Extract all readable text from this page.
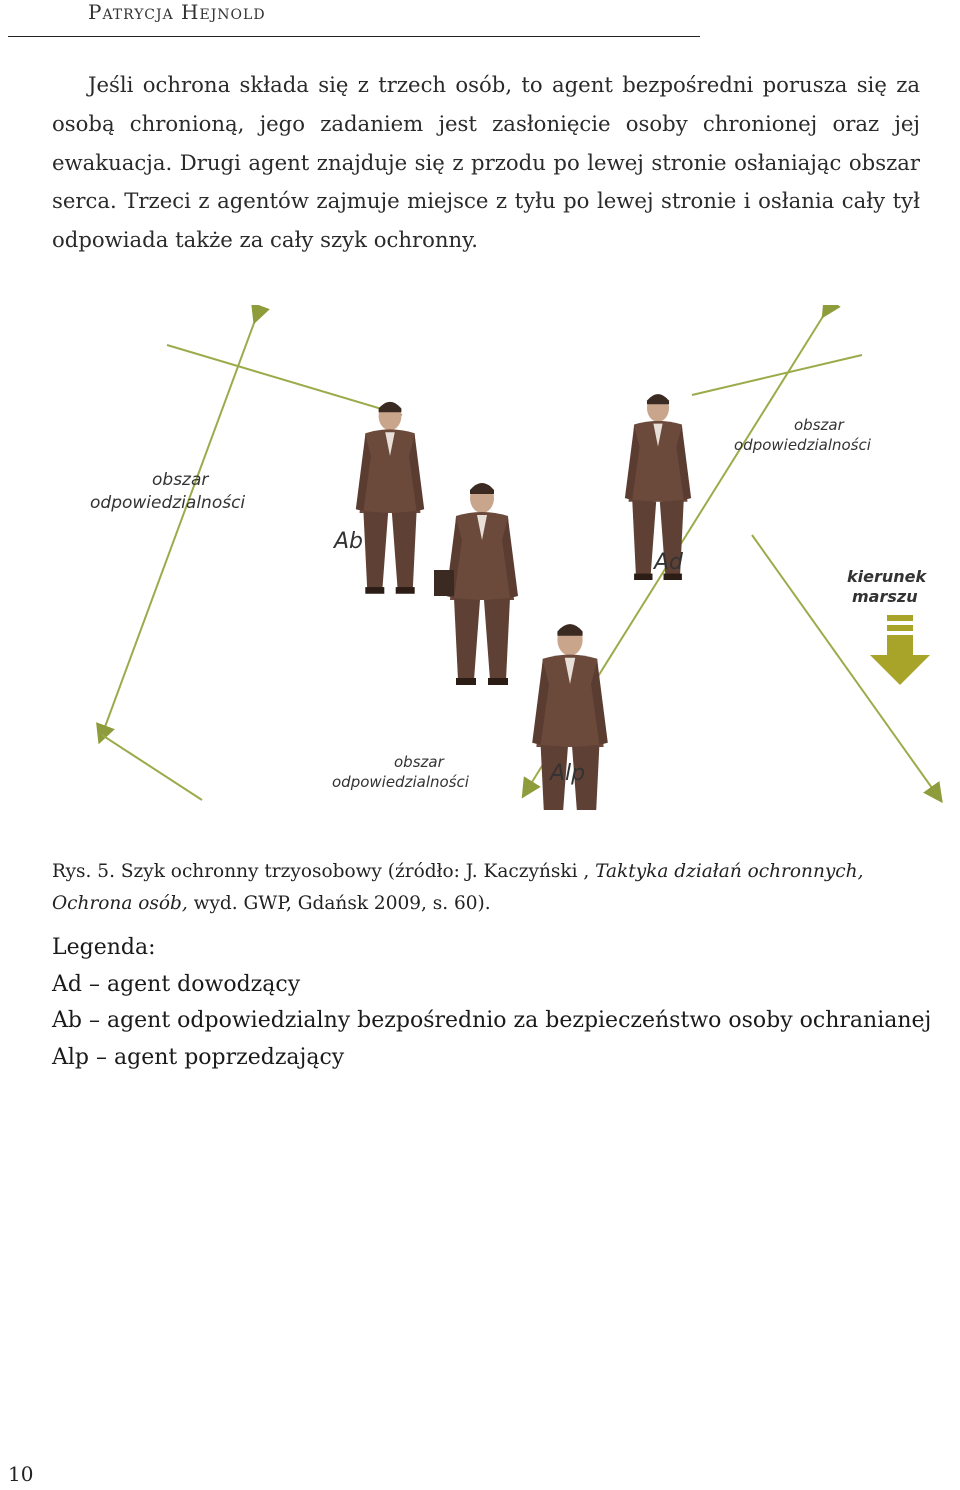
Patrycja Hejnold

Jeśli ochrona składa się z trzech osób, to agent bezpośredni porusza się za osobą chronioną, jego zadaniem jest zasłonięcie osoby chronionej oraz jej ewakuacja. Drugi agent znajduje się z przodu po lewej stronie osłaniając obszar serca. Trzeci z agentów zajmuje miejsce z tyłu po lewej stronie i osłania cały tył odpowiada także za cały szyk ochronny.

obszar
odpowiedzialności
obszar
odpowiedzialności
obszar
odpowiedzialności
Ab
Ad
Alp
kierunek
marszu
Rys. 5. Szyk ochronny trzyosobowy (źródło: J. Kaczyński , Taktyka działań ochronnych, Ochrona osób, wyd. GWP, Gdańsk 2009, s. 60).
Legenda:
Ad – agent dowodzący
Ab – agent odpowiedzialny bezpośrednio za bezpieczeństwo osoby ochranianej
Alp – agent poprzedzający
10
